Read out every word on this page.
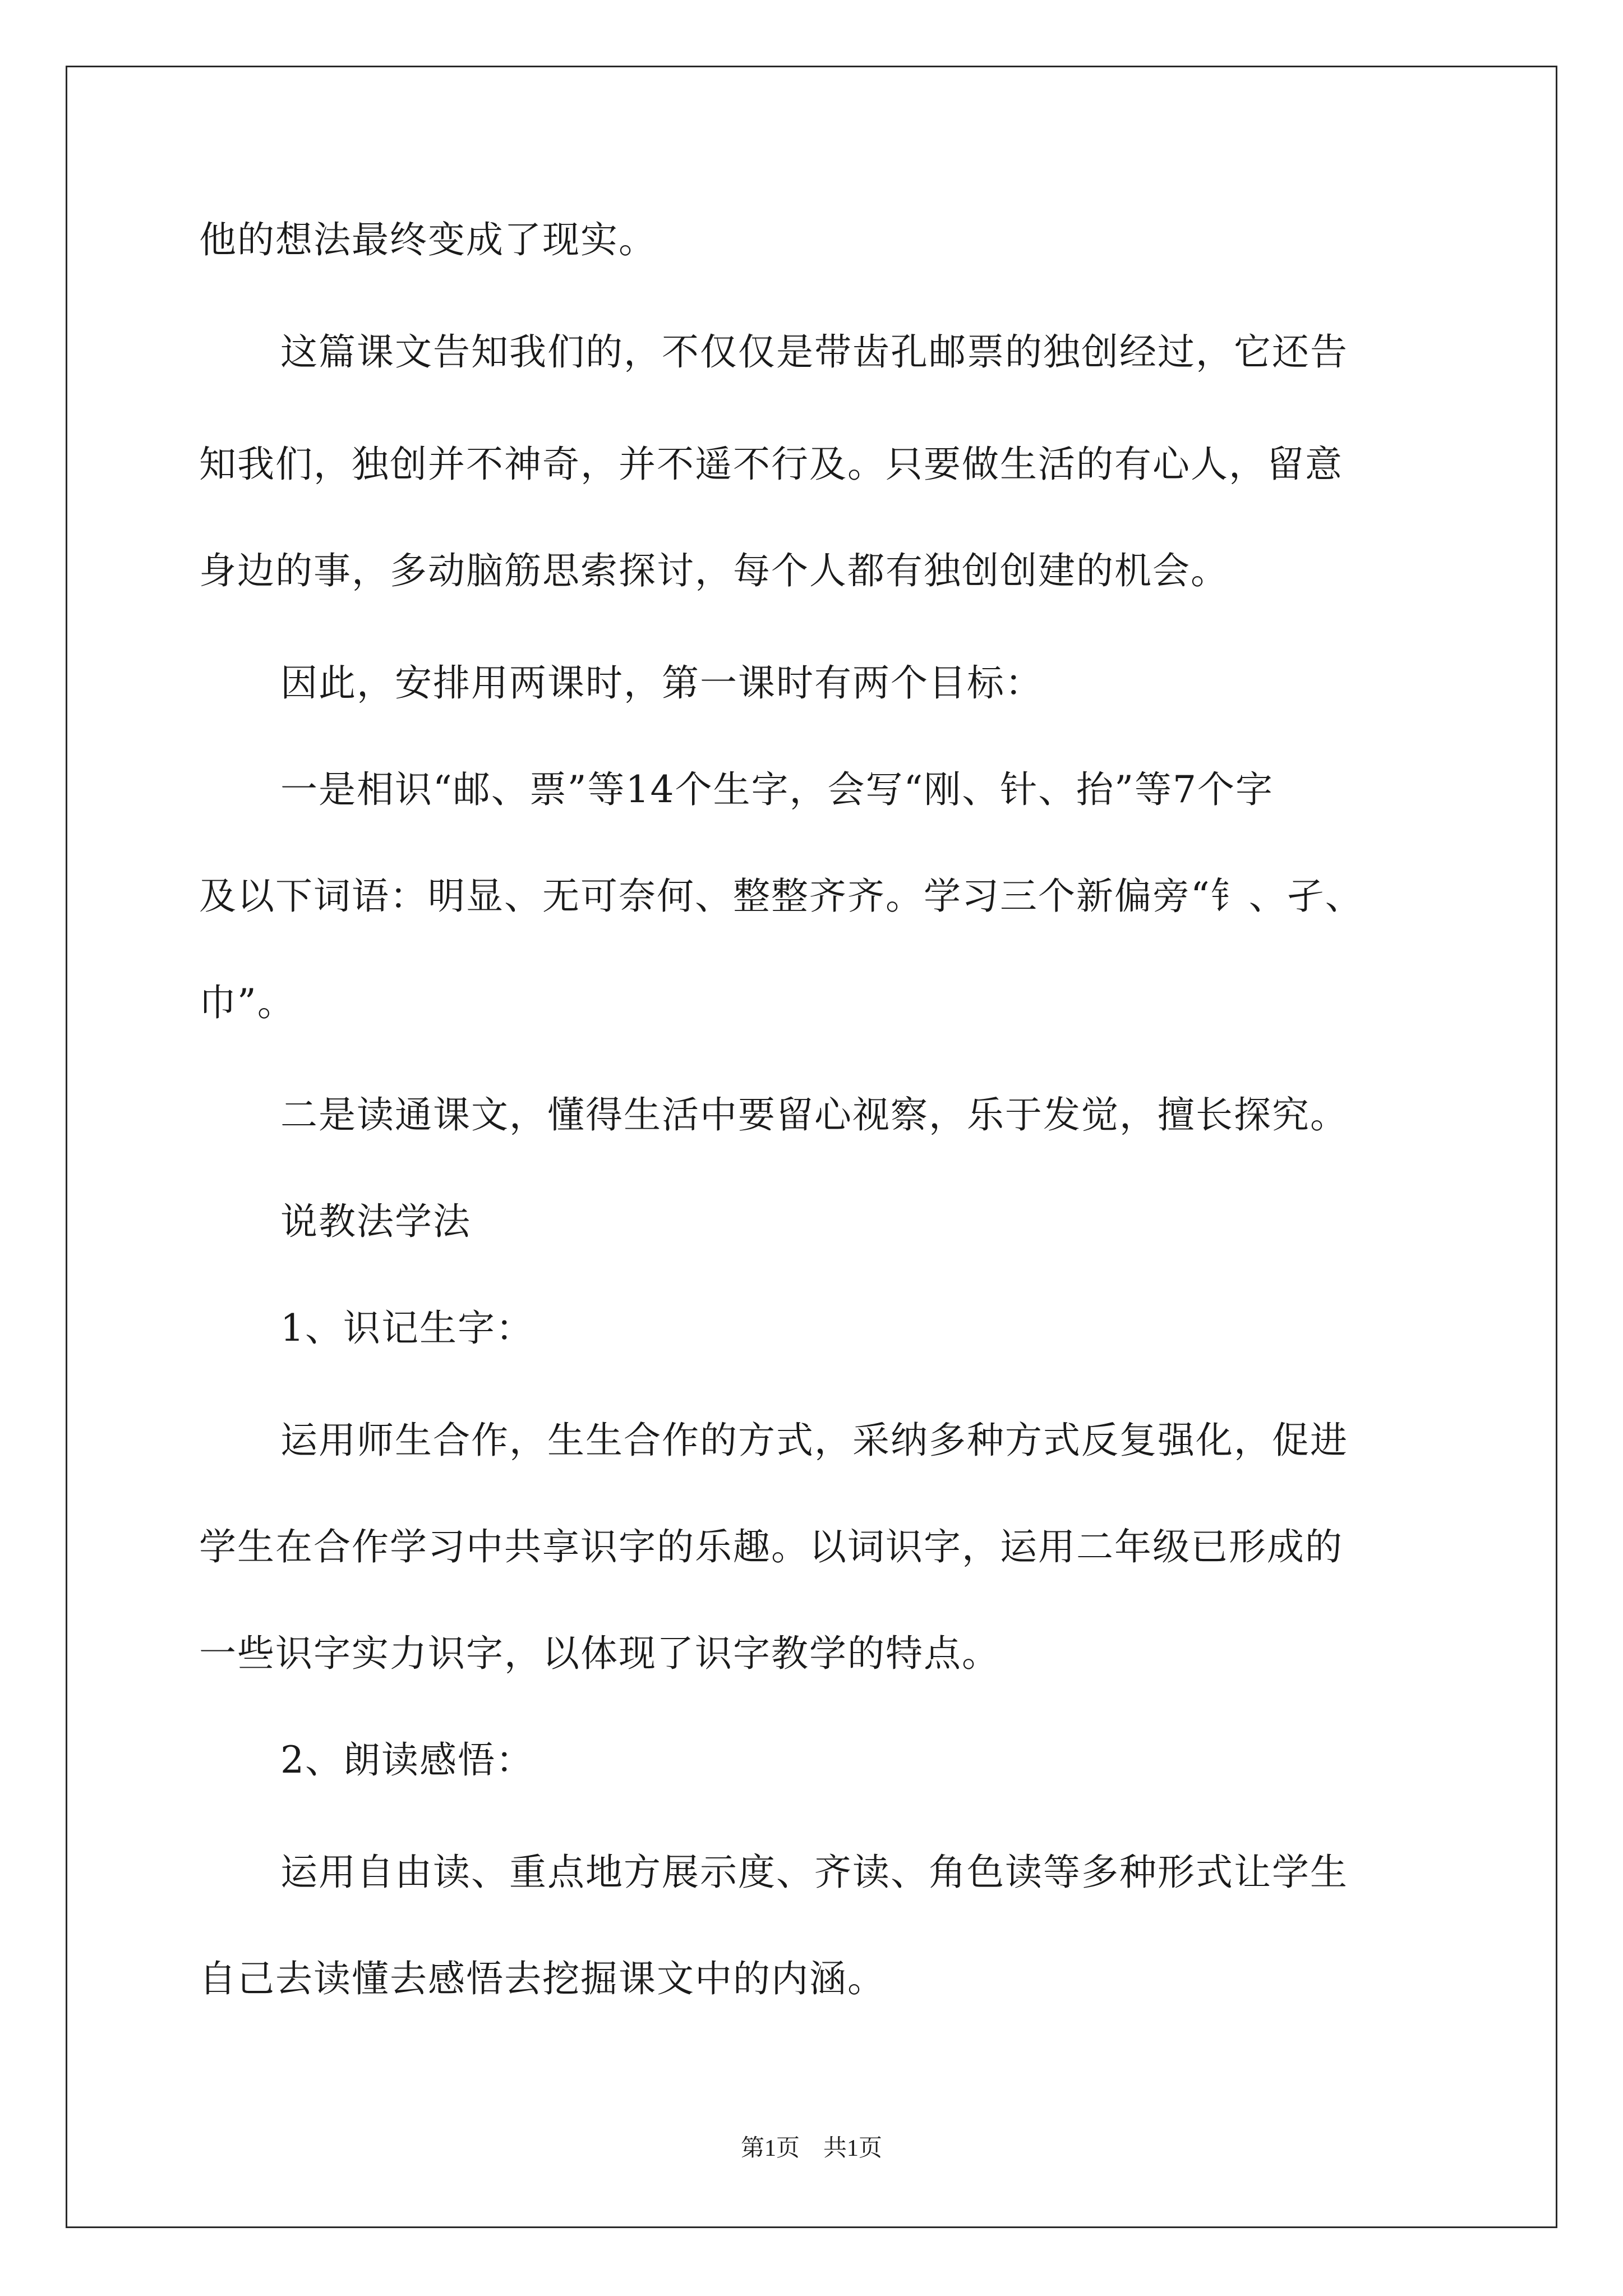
他的想法最终变成了现实。
这篇课文告知我们的，不仅仅是带齿孔邮票的独创经过，它还告
知我们，独创并不神奇，并不遥不行及。只要做生活的有心人，留意
身边的事，多动脑筋思索探讨，每个人都有独创创建的机会。
因此，安排用两课时，第一课时有两个目标：
一是相识“邮、票”等14个生字，会写“刚、针、抬”等7个字
及以下词语：明显、无可奈何、整整齐齐。学习三个新偏旁“钅、孑、
巾”。
二是读通课文，懂得生活中要留心视察，乐于发觉，擅长探究。
说教法学法
1、识记生字：
运用师生合作，生生合作的方式，采纳多种方式反复强化，促进
学生在合作学习中共享识字的乐趣。以词识字，运用二年级已形成的
一些识字实力识字，以体现了识字教学的特点。
2、朗读感悟：
运用自由读、重点地方展示度、齐读、角色读等多种形式让学生
自己去读懂去感悟去挖掘课文中的内涵。
第1页　共1页
